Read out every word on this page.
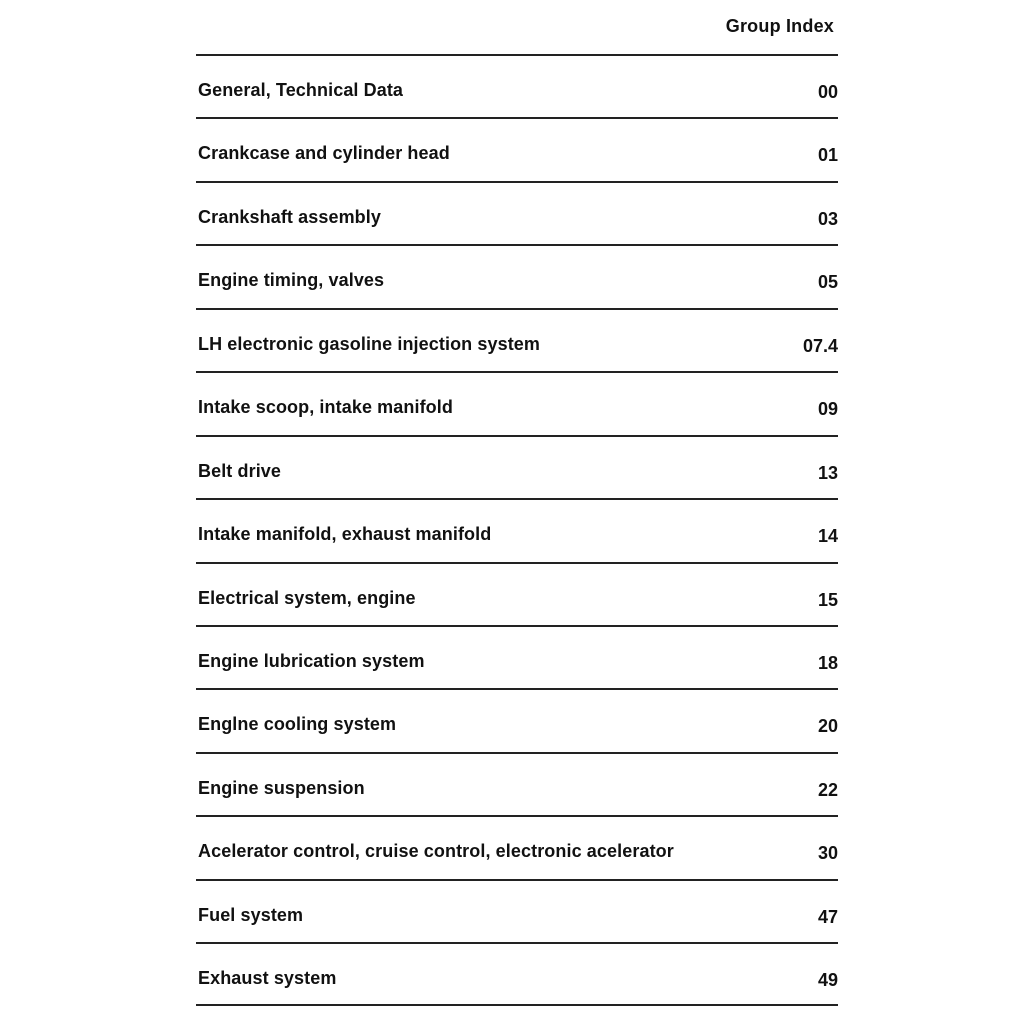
Group Index
General, Technical Data	00
Crankcase and cylinder head	01
Crankshaft assembly	03
Engine timing, valves	05
LH electronic gasoline injection system	07.4
Intake scoop, intake manifold	09
Belt drive	13
Intake manifold, exhaust manifold	14
Electrical system, engine	15
Engine lubrication system	18
Englne cooling system	20
Engine suspension	22
Acelerator control, cruise control, electronic acelerator	30
Fuel system	47
Exhaust system	49
